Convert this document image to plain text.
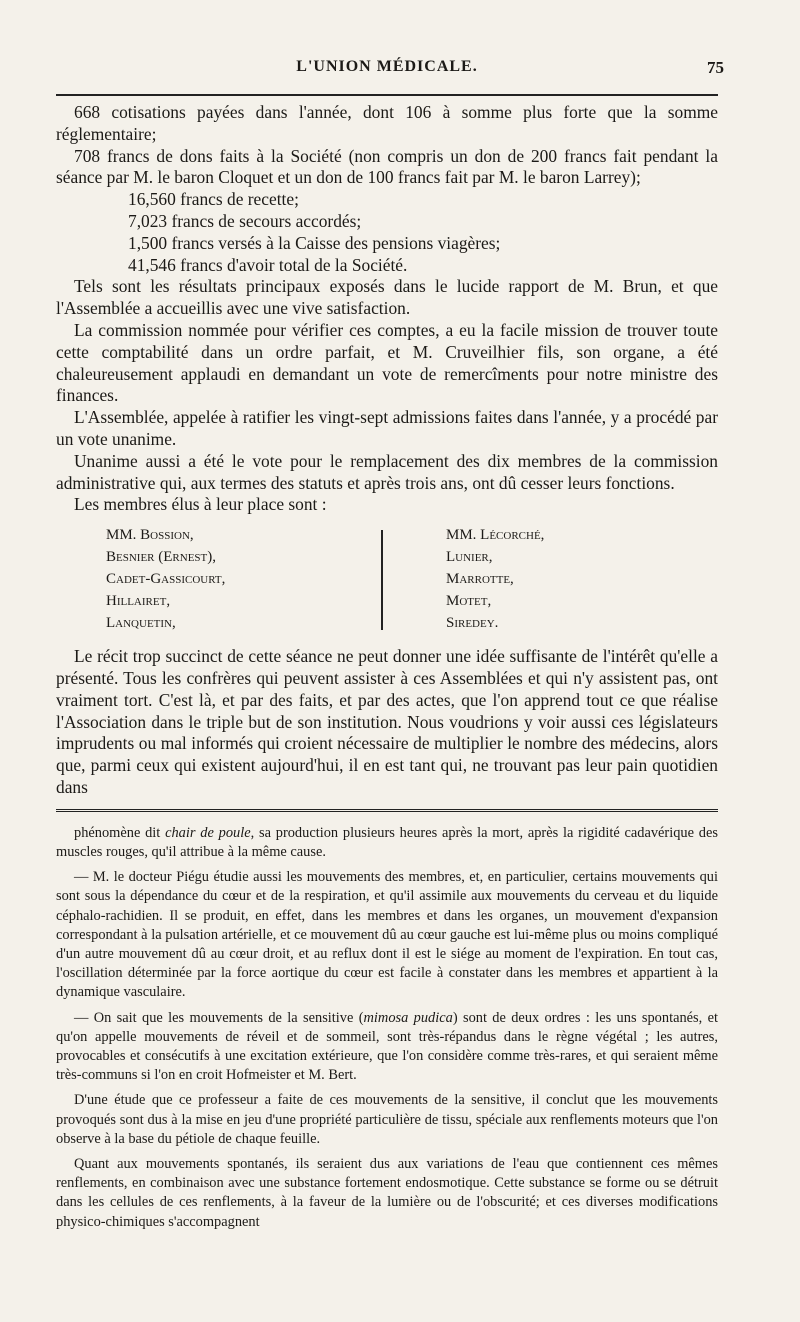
L'UNION MÉDICALE.	75

668 cotisations payées dans l'année, dont 106 à somme plus forte que la somme réglementaire;

708 francs de dons faits à la Société (non compris un don de 200 francs fait pendant la séance par M. le baron Cloquet et un don de 100 francs fait par M. le baron Larrey);

16,560 francs de recette;
7,023 francs de secours accordés;
1,500 francs versés à la Caisse des pensions viagères;
41,546 francs d'avoir total de la Société.

Tels sont les résultats principaux exposés dans le lucide rapport de M. Brun, et que l'Assemblée a accueillis avec une vive satisfaction.

La commission nommée pour vérifier ces comptes, a eu la facile mission de trouver toute cette comptabilité dans un ordre parfait, et M. Cruveilhier fils, son organe, a été chaleureusement applaudi en demandant un vote de remercîments pour notre ministre des finances.

L'Assemblée, appelée à ratifier les vingt-sept admissions faites dans l'année, y a procédé par un vote unanime.

Unanime aussi a été le vote pour le remplacement des dix membres de la commission administrative qui, aux termes des statuts et après trois ans, ont dû cesser leurs fonctions.

Les membres élus à leur place sont :

MM. Bossion,
Besnier (Ernest),
Cadet-Gassicourt,
Hillairet,
Lanquetin,
MM. Lécorché,
Lunier,
Marrotte,
Motet,
Siredey.

Le récit trop succinct de cette séance ne peut donner une idée suffisante de l'intérêt qu'elle a présenté. Tous les confrères qui peuvent assister à ces Assemblées et qui n'y assistent pas, ont vraiment tort. C'est là, et par des faits, et par des actes, que l'on apprend tout ce que réalise l'Association dans le triple but de son institution. Nous voudrions y voir aussi ces législateurs imprudents ou mal informés qui croient nécessaire de multiplier le nombre des médecins, alors que, parmi ceux qui existent aujourd'hui, il en est tant qui, ne trouvant pas leur pain quotidien dans

phénomène dit chair de poule, sa production plusieurs heures après la mort, après la rigidité cadavérique des muscles rouges, qu'il attribue à la même cause.

— M. le docteur Piégu étudie aussi les mouvements des membres, et, en particulier, certains mouvements qui sont sous la dépendance du cœur et de la respiration, et qu'il assimile aux mouvements du cerveau et du liquide céphalo-rachidien. Il se produit, en effet, dans les membres et dans les organes, un mouvement d'expansion correspondant à la pulsation artérielle, et ce mouvement dû au cœur gauche est lui-même plus ou moins compliqué d'un autre mouvement dû au cœur droit, et au reflux dont il est le siége au moment de l'expiration. En tout cas, l'oscillation déterminée par la force aortique du cœur est facile à constater dans les membres et appartient à la dynamique vasculaire.

— On sait que les mouvements de la sensitive (mimosa pudica) sont de deux ordres : les uns spontanés, et qu'on appelle mouvements de réveil et de sommeil, sont très-répandus dans le règne végétal ; les autres, provocables et consécutifs à une excitation extérieure, que l'on considère comme très-rares, et qui seraient même très-communs si l'on en croit Hofmeister et M. Bert.

D'une étude que ce professeur a faite de ces mouvements de la sensitive, il conclut que les mouvements provoqués sont dus à la mise en jeu d'une propriété particulière de tissu, spéciale aux renflements moteurs que l'on observe à la base du pétiole de chaque feuille.

Quant aux mouvements spontanés, ils seraient dus aux variations de l'eau que contiennent ces mêmes renflements, en combinaison avec une substance fortement endosmotique. Cette substance se forme ou se détruit dans les cellules de ces renflements, à la faveur de la lumière ou de l'obscurité; et ces diverses modifications physico-chimiques s'accompagnent
